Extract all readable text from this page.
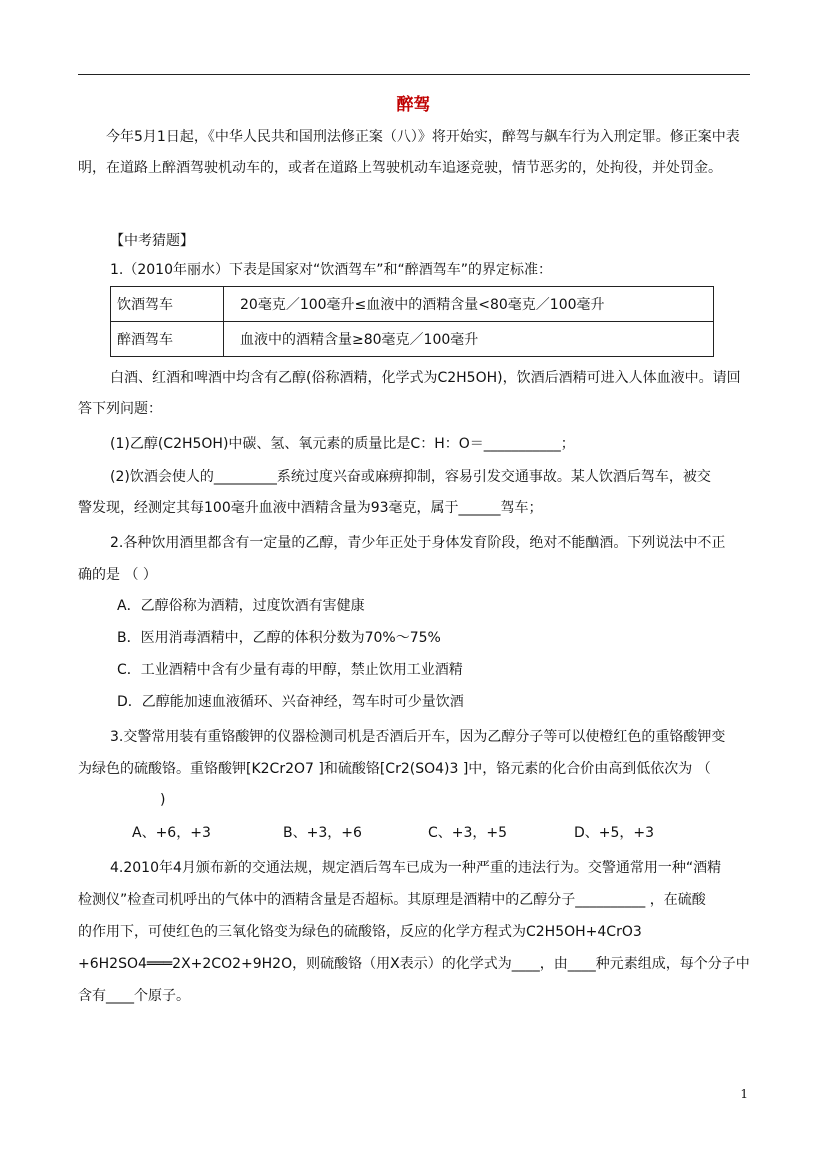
醉驾
今年5月1日起，《中华人民共和国刑法修正案（八）》将开始实，醉驾与飙车行为入刑定罪。修正案中表明，在道路上醉酒驾驶机动车的，或者在道路上驾驶机动车追逐竞驶，情节恶劣的，处拘役，并处罚金。
【中考猜题】
1.（2010年丽水）下表是国家对“饮酒驾车”和“醉酒驾车”的界定标准：
饮酒驾车	20毫克／100毫升≤血液中的酒精含量<80毫克／100毫升
醉酒驾车	血液中的酒精含量≥80毫克／100毫升
白酒、红酒和啤酒中均含有乙醇(俗称酒精，化学式为C2H5OH)，饮酒后酒精可进入人体血液中。请回
答下列问题：
(1)乙醇(C2H5OH)中碳、氢、氧元素的质量比是C：H：O＝___________；
(2)饮酒会使人的_________系统过度兴奋或麻痹抑制，容易引发交通事故。某人饮酒后驾车，被交
警发现，经测定其每100毫升血液中酒精含量为93毫克，属于______驾车；
2.各种饮用酒里都含有一定量的乙醇，青少年正处于身体发育阶段，绝对不能酗酒。下列说法中不正
确的是 （ ）
A．乙醇俗称为酒精，过度饮酒有害健康
B．医用消毒酒精中，乙醇的体积分数为70%～75%
C．工业酒精中含有少量有毒的甲醇，禁止饮用工业酒精
D．乙醇能加速血液循环、兴奋神经，驾车时可少量饮酒
3.交警常用装有重铬酸钾的仪器检测司机是否酒后开车，因为乙醇分子等可以使橙红色的重铬酸钾变
为绿色的硫酸铬。重铬酸钾[K2Cr2O7 ]和硫酸铬[Cr2(SO4)3 ]中，铬元素的化合价由高到低依次为 （
)
A、+6，+3	B、+3，+6	C、+3，+5	D、+5，+3
4.2010年4月颁布新的交通法规，规定酒后驾车已成为一种严重的违法行为。交警通常用一种“酒精
检测仪”检查司机呼出的气体中的酒精含量是否超标。其原理是酒精中的乙醇分子__________ ，在硫酸
的作用下，可使红色的三氧化铬变为绿色的硫酸铬，反应的化学方程式为C2H5OH+4CrO3
+6H2SO4═══2X+2CO2+9H2O，则硫酸铬（用X表示）的化学式为____，由____种元素组成，每个分子中
含有____个原子。
1
